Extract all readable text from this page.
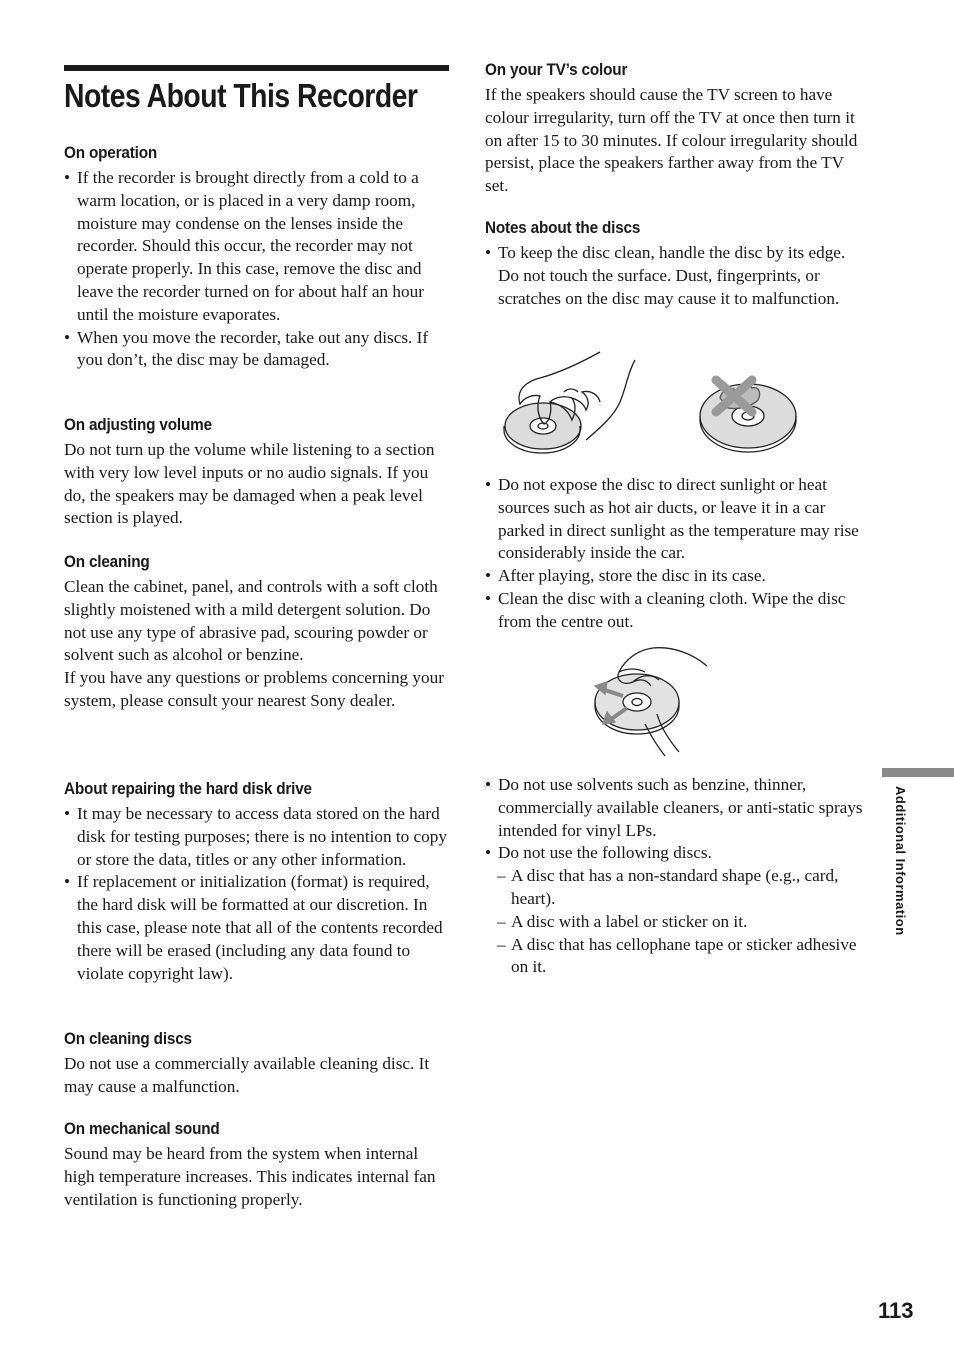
Notes About This Recorder
On operation
• If the recorder is brought directly from a cold to a warm location, or is placed in a very damp room, moisture may condense on the lenses inside the recorder. Should this occur, the recorder may not operate properly. In this case, remove the disc and leave the recorder turned on for about half an hour until the moisture evaporates.
• When you move the recorder, take out any discs. If you don’t, the disc may be damaged.
On adjusting volume

Do not turn up the volume while listening to a section with very low level inputs or no audio signals. If you do, the speakers may be damaged when a peak level section is played.

On cleaning

Clean the cabinet, panel, and controls with a soft cloth slightly moistened with a mild detergent solution. Do not use any type of abrasive pad, scouring powder or solvent such as alcohol or benzine.

If you have any questions or problems concerning your system, please consult your nearest Sony dealer.

About repairing the hard disk drive
• It may be necessary to access data stored on the hard disk for testing purposes; there is no intention to copy or store the data, titles or any other information.
• If replacement or initialization (format) is required, the hard disk will be formatted at our discretion. In this case, please note that all of the contents recorded there will be erased (including any data found to violate copyright law).
On cleaning discs

Do not use a commercially available cleaning disc. It may cause a malfunction.

On mechanical sound

Sound may be heard from the system when internal high temperature increases. This indicates internal fan ventilation is functioning properly.

On your TV’s colour

If the speakers should cause the TV screen to have colour irregularity, turn off the TV at once then turn it on after 15 to 30 minutes. If colour irregularity should persist, place the speakers farther away from the TV set.

Notes about the discs
• To keep the disc clean, handle the disc by its edge. Do not touch the surface. Dust, fingerprints, or scratches on the disc may cause it to malfunction.
• Do not expose the disc to direct sunlight or heat sources such as hot air ducts, or leave it in a car parked in direct sunlight as the temperature may rise considerably inside the car.
• After playing, store the disc in its case.
• Clean the disc with a cleaning cloth. Wipe the disc from the centre out.
• Do not use solvents such as benzine, thinner, commercially available cleaners, or anti-static sprays intended for vinyl LPs.
• Do not use the following discs.
– A disc that has a non-standard shape (e.g., card, heart).
– A disc with a label or sticker on it.
– A disc that has cellophane tape or sticker adhesive on it.
Additional Information
113
